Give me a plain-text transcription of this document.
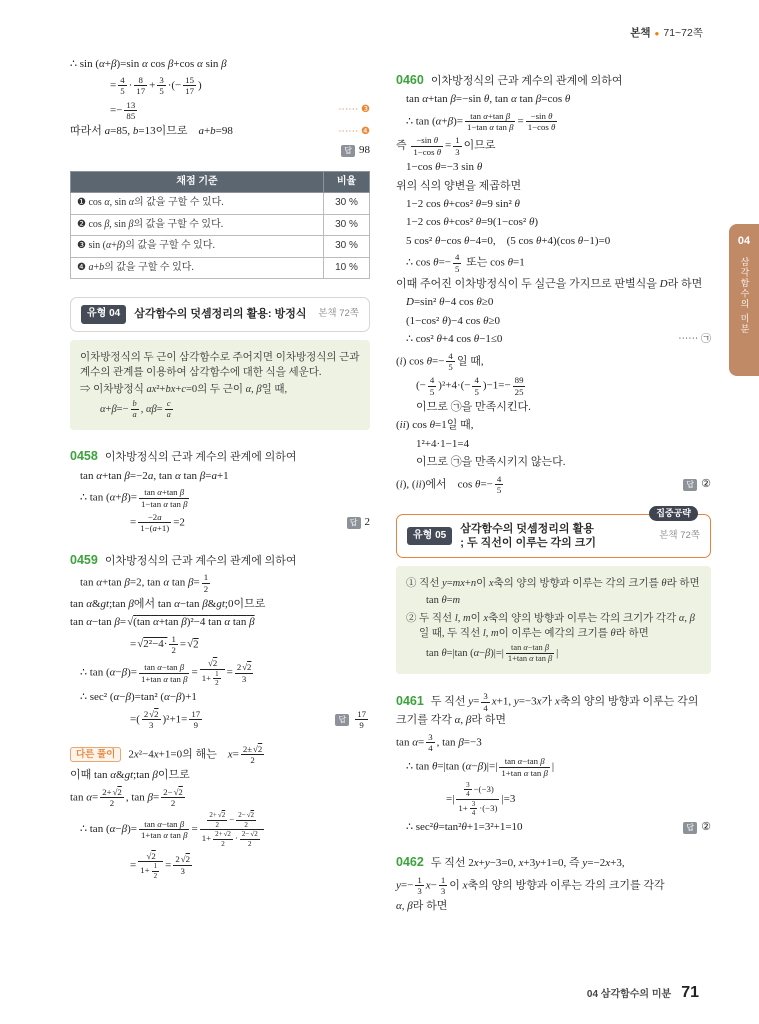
본책 ● 71~72쪽
∴ sin (α+β)=sin α cos β+cos α sin β
= $\frac{4}{5} \cdot \frac{8}{17} + \frac{3}{5}$ ·(− $\frac{15}{17}$ )
=− $\frac{13}{85}$	⋯⋯ ❸
따라서 a=85, b=13이므로  a+b=98	⋯⋯ ❹
답 98
채점 기준	비율
❶ cos α, sin α의 값을 구할 수 있다.	30 %
❷ cos β, sin β의 값을 구할 수 있다.	30 %
❸ sin (α+β)의 값을 구할 수 있다.	30 %
❹ a+b의 값을 구할 수 있다.	10 %
유형 04	삼각함수의 덧셈정리의 활용: 방정식	본책 72쪽
이차방정식의 두 근이 삼각함수로 주어지면 이차방정식의 근과 계수의 관계를 이용하여 삼각함수에 대한 식을 세운다.
⇒ 이차방정식 ax²+bx+c=0의 두 근이 α, β일 때,
$\alpha+\beta=- \frac{b}{a}$ , $\alpha\beta= \frac{c}{a}$
0458 이차방정식의 근과 계수의 관계에 의하여
tan α+tan β=−2a, tan α tan β=a+1
∴ $\tan (\alpha+\beta)= \frac{\text{tan α+tan β}}{\text{1−tan α tan β}}$
= $\frac{-2a}{1-(a+1)} =2$	답 2
0459 이차방정식의 근과 계수의 관계에 의하여
tan α+tan β=2, tan α $\tan \beta= \frac{1}{2}$
tan α&gt;tan β에서 tan α−tan β&gt;0이므로
tan α−tan β=√(tan α+tan β)²−4 tan α tan β
$=√2^2-4\cdot \frac{1}{2} =√2$
∴ $\tan (\alpha-\beta)= \frac{\text{tan α−tan β}}{\text{1+tan α tan β}} = \frac{√2}{1+ \frac{1}{2}} = \frac{2√2}{3}$
∴ sec² (α−β)=tan² (α−β)+1
=( $\frac{2√2}{3} )^2+1= \frac{17}{9}$	답	$\frac{17}{9}$
다른 풀이 2x²−4x+1=0의 해는  $x= \frac{2\pm√2}{2}$
이때 tan α&gt;tan β이므로
$\tan \alpha= \frac{2+√2}{2}$ , $\tan \beta= \frac{2-√2}{2}$
∴ $\tan (\alpha-\beta)= \frac{\text{tan α−tan β}}{\text{1+tan α tan β}} = \frac{\frac{2+√2}{2} - \frac{2-√2}{2}}{1+ \frac{2+√2}{2} \cdot \frac{2-√2}{2}}$
= $\frac{√2}{1+ \frac{1}{2}} = \frac{2√2}{3}$
0460 이차방정식의 근과 계수의 관계에 의하여
tan α+tan β=−sin θ, tan α tan β=cos θ
∴ $\tan (\alpha+\beta)= \frac{\text{tan α+tan β}}{\text{1−tan α tan β}} = \frac{\text{−sin θ}}{\text{1−cos θ}}$
즉 $\frac{\text{−sin θ}}{\text{1−cos θ}} = \frac{1}{3}$ 이므로
1−cos θ=−3 sin θ
위의 식의 양변을 제곱하면
1−2 cos θ+cos² θ=9 sin² θ
1−2 cos θ+cos² θ=9(1−cos² θ)
5 cos² θ−cos θ−4=0,  (5 cos θ+4)(cos θ−1)=0
∴ $\cos \theta=- \frac{4}{5}$ 또는 cos θ=1
이때 주어진 이차방정식이 두 실근을 가지므로 판별식을 D라 하면
D=sin² θ−4 cos θ≥0
(1−cos² θ)−4 cos θ≥0
∴ cos² θ+4 cos θ−1≤0	⋯⋯ ㉠
(i) $\cos \theta=- \frac{4}{5}$ 일 때,
(− $\frac{4}{5} )^2+4\cdot(- \frac{4}{5} )-1=- \frac{89}{25}$
이므로 ㉠을 만족시킨다.
(ii) cos θ=1일 때,
1²+4·1−1=4
이므로 ㉠을 만족시키지 않는다.
(i), (ii)에서  $\cos \theta=- \frac{4}{5}$	답 ②
집중공략
유형 05
삼각함수의 덧셈정리의 활용
; 두 직선이 이루는 각의 크기
본책 72쪽
① 직선 y=mx+n이 x축의 양의 방향과 이루는 각의 크기를 θ라 하면
tan θ=m
② 두 직선 l, m이 x축의 양의 방향과 이루는 각의 크기가 각각 α, β일 때, 두 직선 l, m이 이루는 예각의 크기를 θ라 하면
tan θ=|tan $(\alpha-\beta)|=| \frac{\text{tan α−tan β}}{\text{1+tan α tan β}}$ |
0461 두 직선 $y= \frac{3}{4} x+1$, y=−3x가 x축의 양의 방향과 이루는 각의 크기를 각각 α, β라 하면
$\tan \alpha= \frac{3}{4}$ , tan β=−3
∴ tan θ=|tan $(\alpha-\beta)|=| \frac{\text{tan α−tan β}}{\text{1+tan α tan β}}$ |
=| $\frac{\frac{3}{4} -(-3)}{1+ \frac{3}{4} \cdot(-3)} |=3$
∴ sec²θ=tan²θ+1=3²+1=10	답 ②
0462 두 직선 2x+y−3=0, x+3y+1=0, 즉 y=−2x+3,
$y=- \frac{1}{3} x- \frac{1}{3}$ 이 x축의 양의 방향과 이루는 각의 크기를 각각
α, β라 하면
04
삼각함수의 미분
04 삼각함수의 미분 71
